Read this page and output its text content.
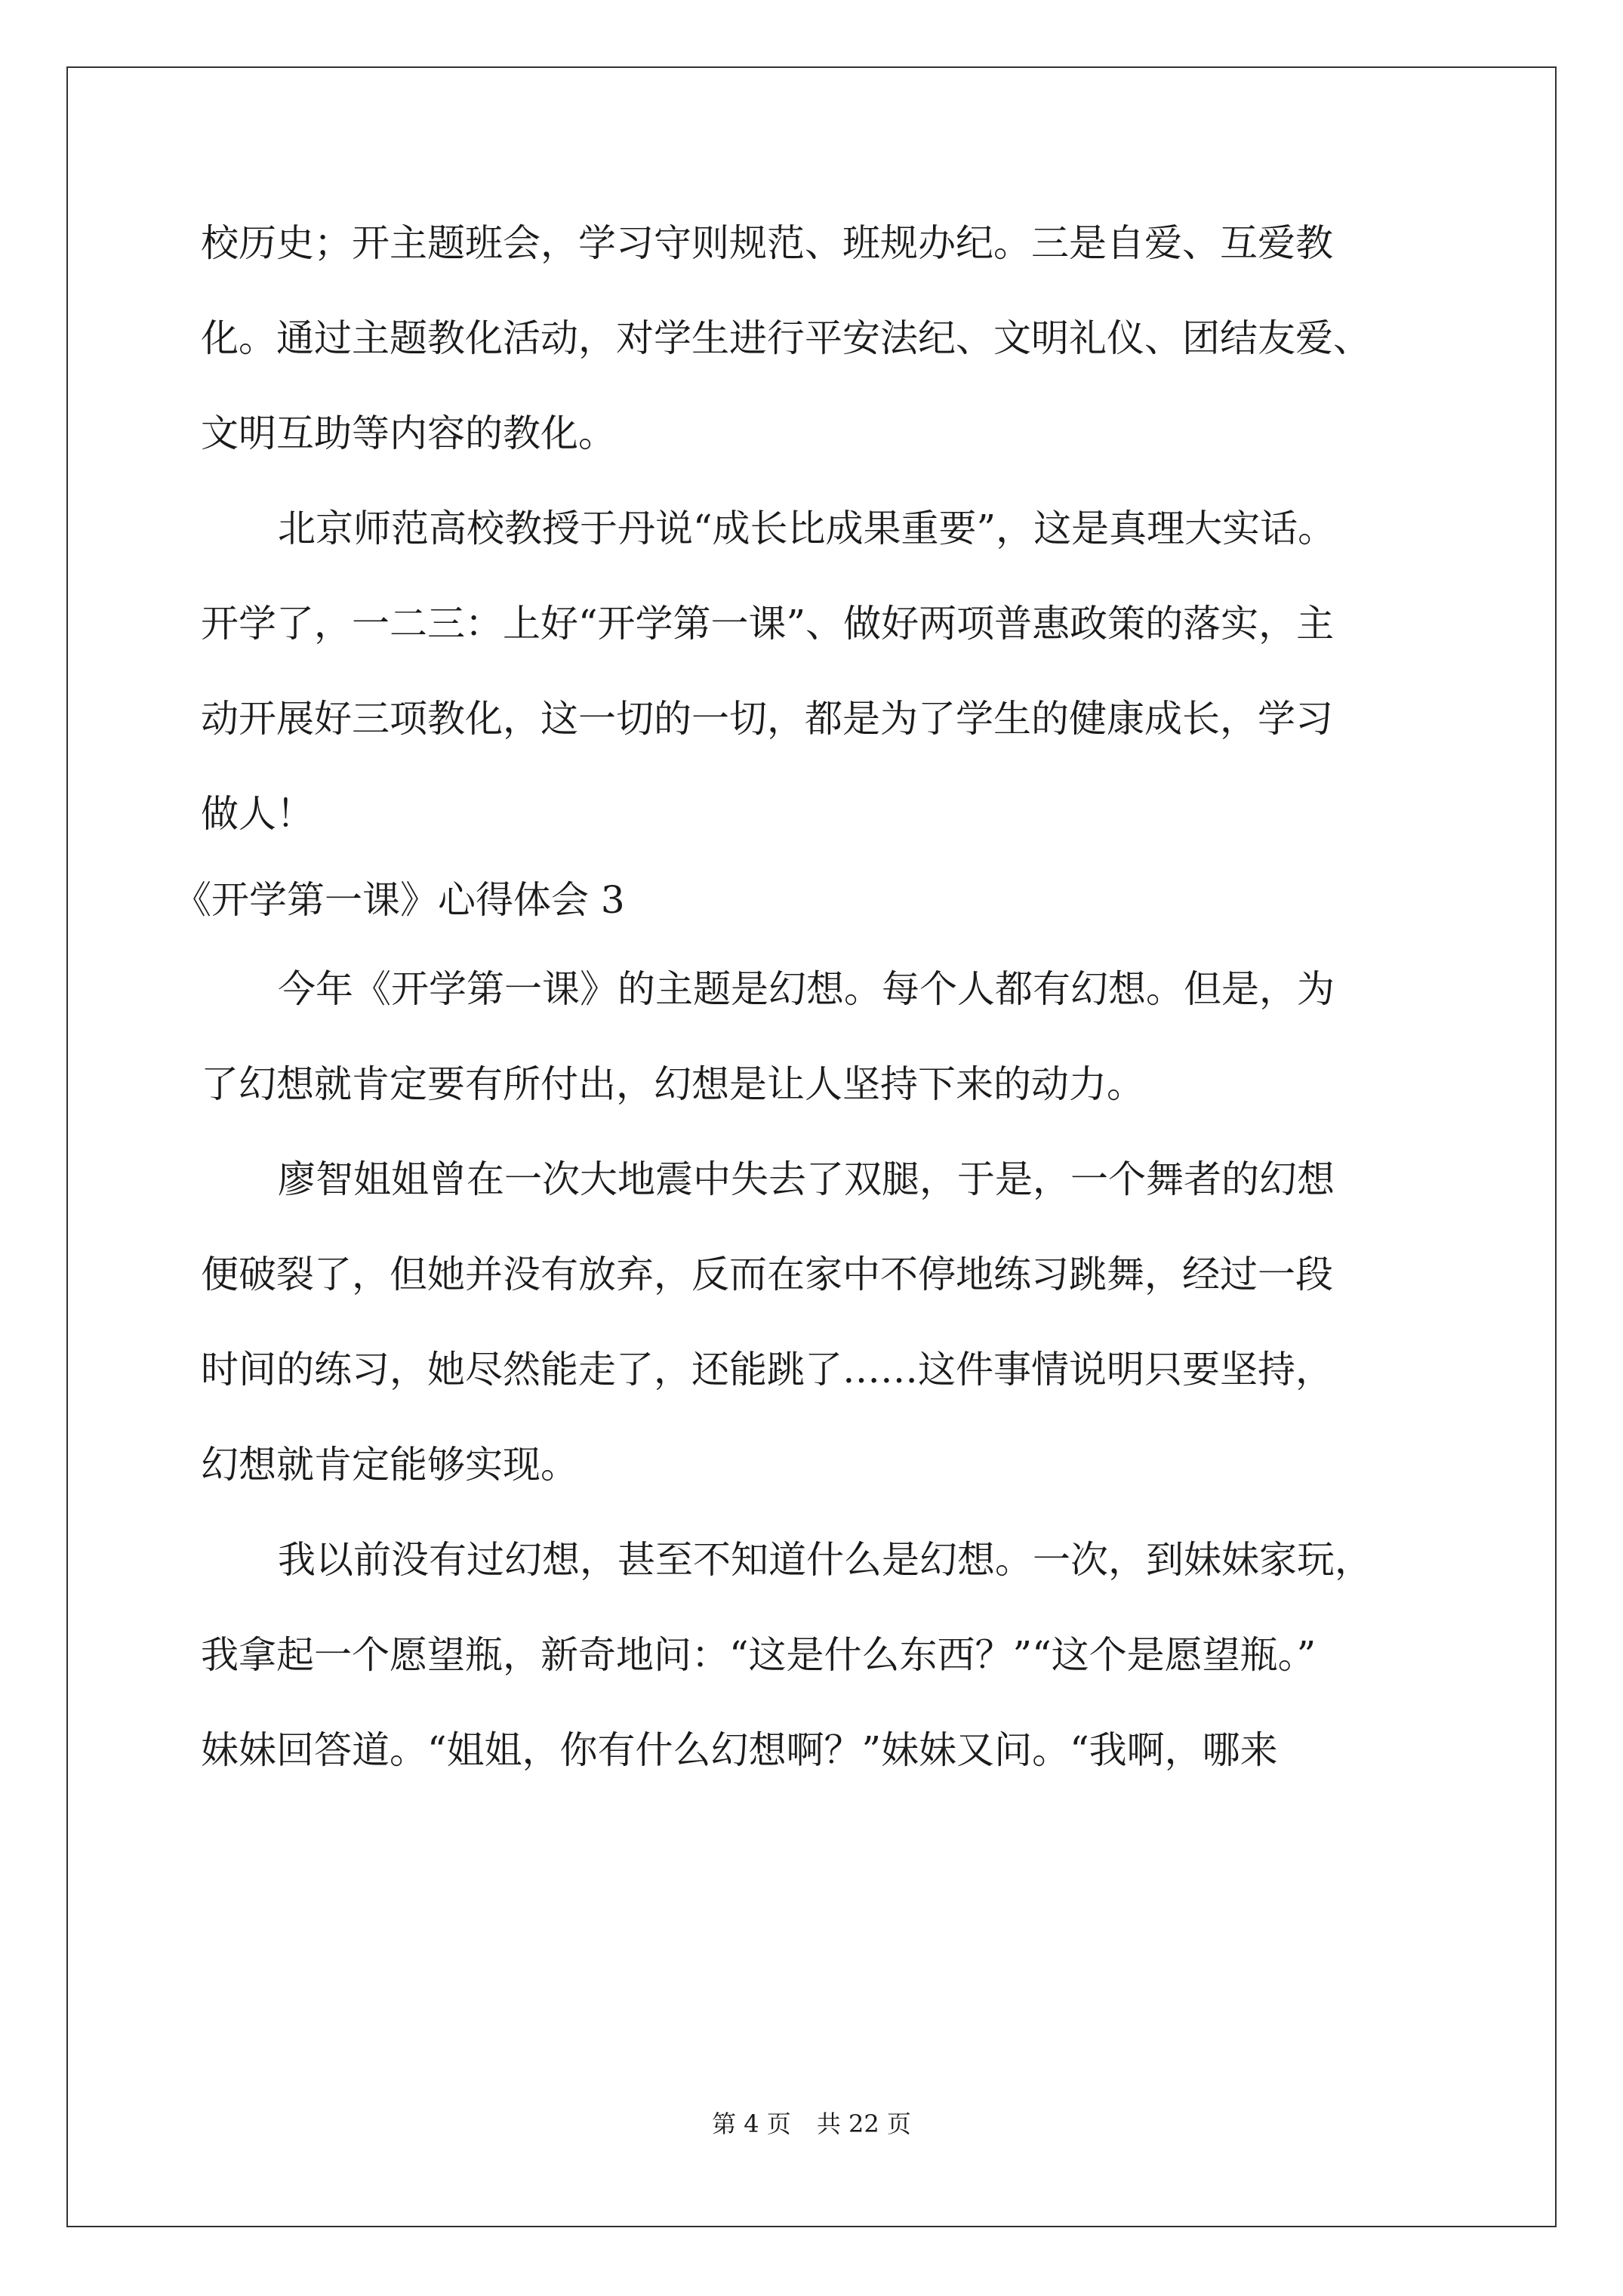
校历史；开主题班会，学习守则规范、班规办纪。三是自爱、互爱教
化。通过主题教化活动，对学生进行平安法纪、文明礼仪、团结友爱、
文明互助等内容的教化。
北京师范高校教授于丹说“成长比成果重要”，这是真理大实话。
开学了，一二三：上好“开学第一课”、做好两项普惠政策的落实，主
动开展好三项教化，这一切的一切，都是为了学生的健康成长，学习
做人！
《开学第一课》心得体会 3
今年《开学第一课》的主题是幻想。每个人都有幻想。但是，为
了幻想就肯定要有所付出，幻想是让人坚持下来的动力。
廖智姐姐曾在一次大地震中失去了双腿，于是，一个舞者的幻想
便破裂了，但她并没有放弃，反而在家中不停地练习跳舞，经过一段
时间的练习，她尽然能走了，还能跳了……这件事情说明只要坚持，
幻想就肯定能够实现。
我以前没有过幻想，甚至不知道什么是幻想。一次，到妹妹家玩，
我拿起一个愿望瓶，新奇地问：“这是什么东西？”“这个是愿望瓶。”
妹妹回答道。“姐姐，你有什么幻想啊？”妹妹又问。“我啊，哪来
第 4 页 共 22 页
